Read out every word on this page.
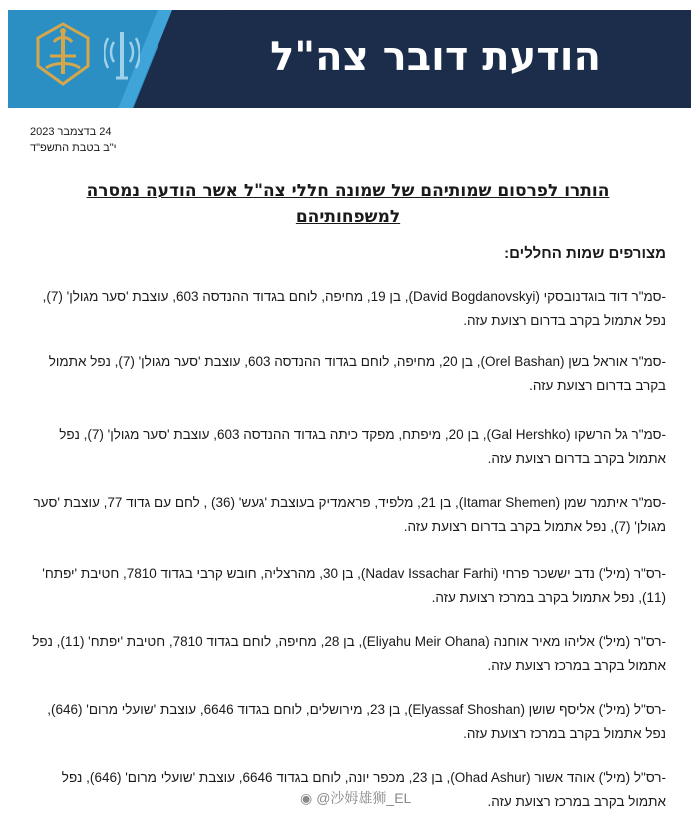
הודעת דובר צה"ל
24 בדצמבר 2023
י"ב בטבת התשפ"ד
הותרו לפרסום שמותיהם של שמונה חללי צה"ל אשר הודעה נמסרה למשפחותיהם
מצורפים שמות החללים:
-סמ"ר דוד בוגדנובסקי (David Bogdanovskyi), בן 19, מחיפה, לוחם בגדוד ההנדסה 603, עוצבת 'סער מגולן' (7), נפל אתמול בקרב בדרום רצועת עזה.
-סמ"ר אוראל בשן (Orel Bashan), בן 20, מחיפה, לוחם בגדוד ההנדסה 603, עוצבת 'סער מגולן' (7), נפל אתמול בקרב בדרום רצועת עזה.
-סמ"ר גל הרשקו (Gal Hershko), בן 20, מיפתח, מפקד כיתה בגדוד ההנדסה 603, עוצבת 'סער מגולן' (7), נפל אתמול בקרב בדרום רצועת עזה.
-סמ"ר איתמר שמן (Itamar Shemen), בן 21, מלפיד, פראמדיק בעוצבת 'געש' (36) , לחם עם גדוד 77, עוצבת 'סער מגולן' (7), נפל אתמול בקרב בדרום רצועת עזה.
-רס"ר (מיל') נדב יששכר פרחי (Nadav Issachar Farhi), בן 30, מהרצליה, חובש קרבי בגדוד 7810, חטיבת 'יפתח' (11), נפל אתמול בקרב במרכז רצועת עזה.
-רס"ר (מיל') אליהו מאיר אוחנה (Eliyahu Meir Ohana), בן 28, מחיפה, לוחם בגדוד 7810, חטיבת 'יפתח' (11), נפל אתמול בקרב במרכז רצועת עזה.
-רס"ל (מיל') אליסף שושן (Elyassaf Shoshan), בן 23, מירושלים, לוחם בגדוד 6646, עוצבת 'שועלי מרום' (646), נפל אתמול בקרב במרכז רצועת עזה.
-רס"ל (מיל') אוהד אשור (Ohad Ashur), בן 23, מכפר יונה, לוחם בגדוד 6646, עוצבת 'שועלי מרום' (646), נפל אתמול בקרב במרכז רצועת עזה.
◉ @沙姆雄狮_EL
